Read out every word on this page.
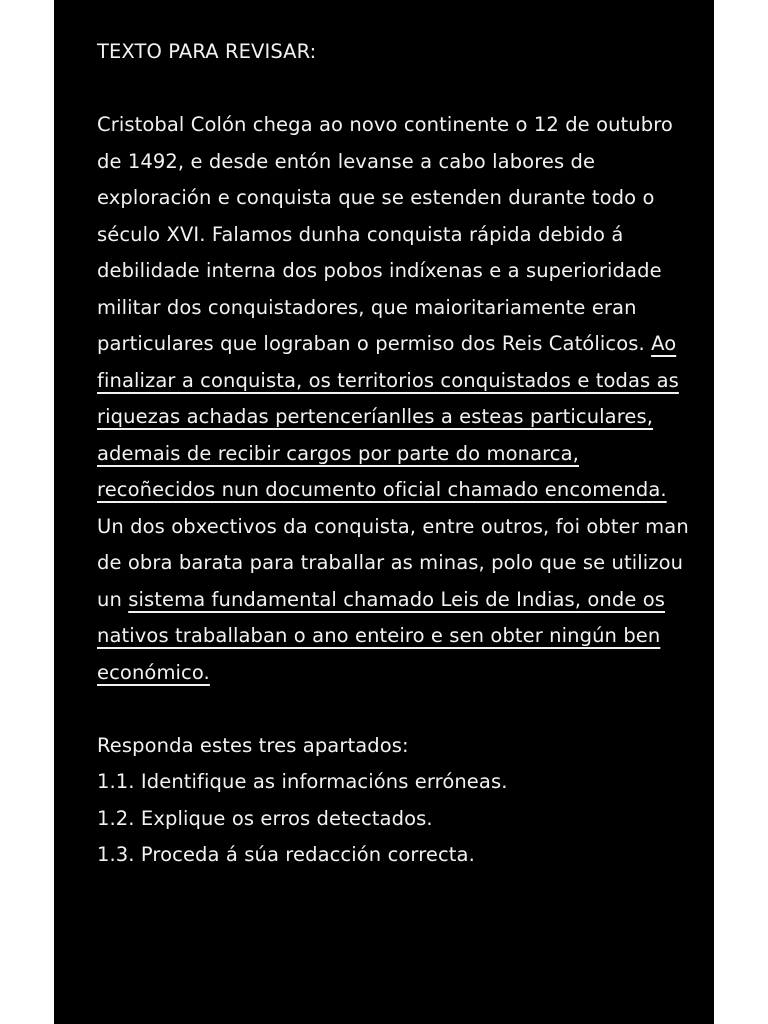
TEXTO PARA REVISAR:

Cristobal Colón chega ao novo continente o 12 de outubro de 1492, e desde entón levanse a cabo labores de exploración e conquista que se estenden durante todo o século XVI. Falamos dunha conquista rápida debido á debilidade interna dos pobos indíxenas e a superioridade militar dos conquistadores, que maioritariamente eran particulares que lograban o permiso dos Reis Católicos. Ao finalizar a conquista, os territorios conquistados e todas as riquezas achadas pertenceríanlles a esteas particulares, ademais de recibir cargos por parte do monarca, recoñecidos nun documento oficial chamado encomenda.

Un dos obxectivos da conquista, entre outros, foi obter man de obra barata para traballar as minas, polo que se utilizou un sistema fundamental chamado Leis de Indias, onde os nativos traballaban o ano enteiro e sen obter ningún ben económico.

Responda estes tres apartados:
1.1. Identifique as informacións erróneas.
1.2. Explique os erros detectados.
1.3. Proceda á súa redacción correcta.
